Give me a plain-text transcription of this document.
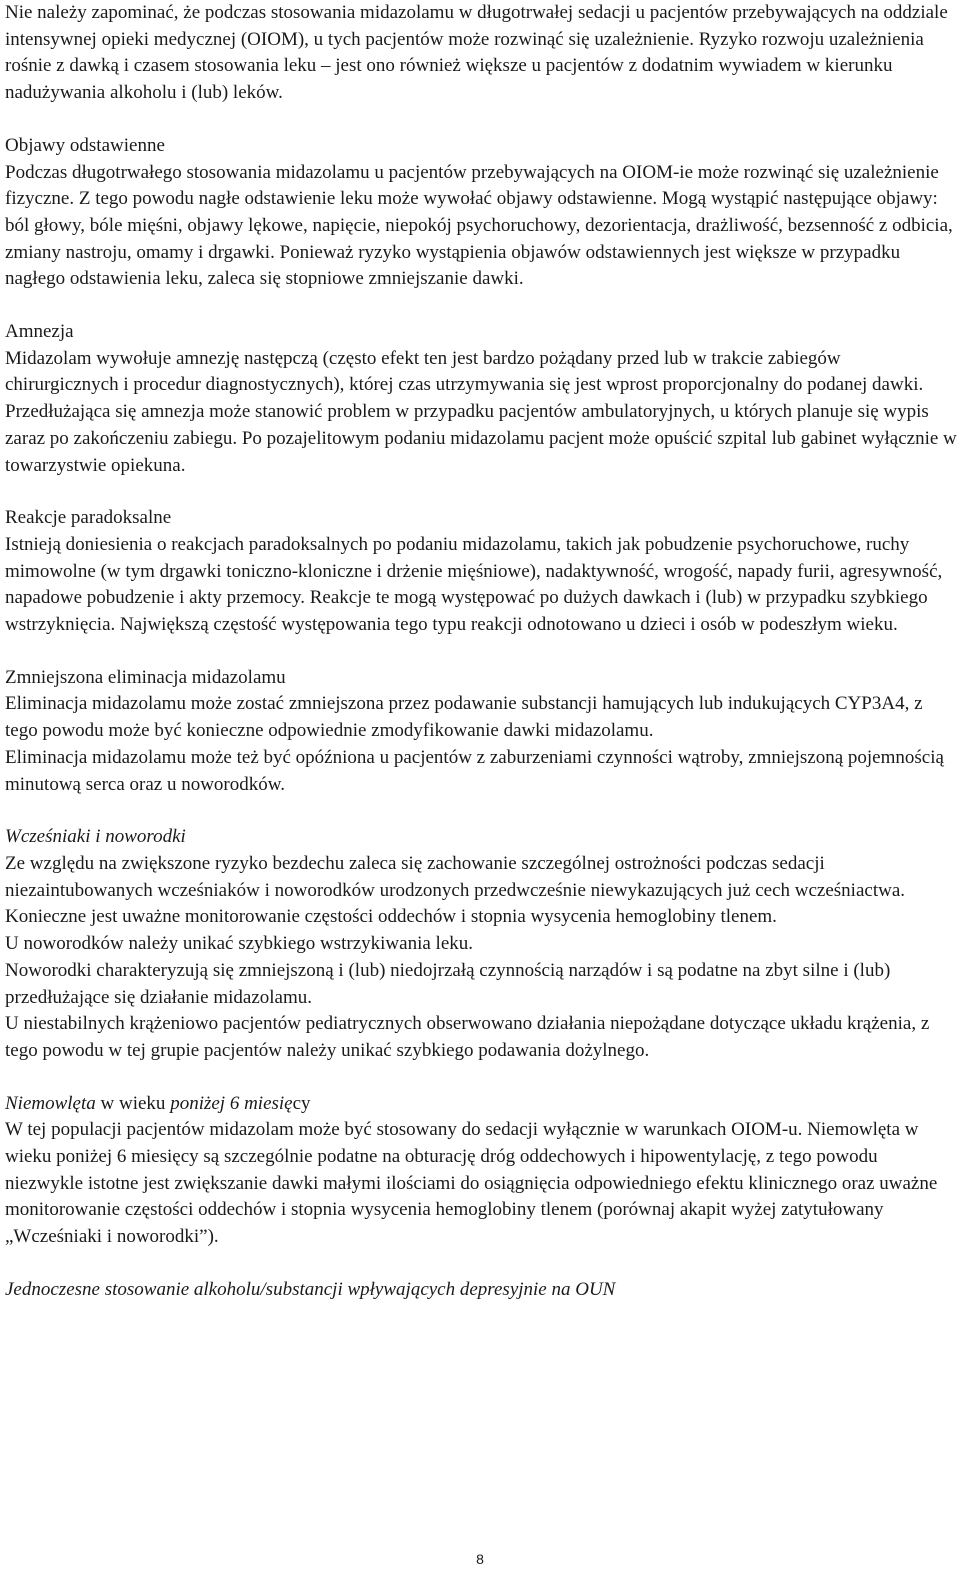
Nie należy zapominać, że podczas stosowania midazolamu w długotrwałej sedacji u pacjentów przebywających na oddziale intensywnej opieki medycznej (OIOM), u tych pacjentów może rozwinąć się uzależnienie. Ryzyko rozwoju uzależnienia rośnie z dawką i czasem stosowania leku – jest ono również większe u pacjentów z dodatnim wywiadem w kierunku nadużywania alkoholu i (lub) leków.

Objawy odstawienne

Podczas długotrwałego stosowania midazolamu u pacjentów przebywających na OIOM-ie może rozwinąć się uzależnienie fizyczne. Z tego powodu nagłe odstawienie leku może wywołać objawy odstawienne. Mogą wystąpić następujące objawy: ból głowy, bóle mięśni, objawy lękowe, napięcie, niepokój psychoruchowy, dezorientacja, drażliwość, bezsenność z odbicia, zmiany nastroju, omamy i drgawki. Ponieważ ryzyko wystąpienia objawów odstawiennych jest większe w przypadku nagłego odstawienia leku, zaleca się stopniowe zmniejszanie dawki.

Amnezja

Midazolam wywołuje amnezję następczą (często efekt ten jest bardzo pożądany przed lub w trakcie zabiegów chirurgicznych i procedur diagnostycznych), której czas utrzymywania się jest wprost proporcjonalny do podanej dawki. Przedłużająca się amnezja może stanowić problem w przypadku pacjentów ambulatoryjnych, u których planuje się wypis zaraz po zakończeniu zabiegu. Po pozajelitowym podaniu midazolamu pacjent może opuścić szpital lub gabinet wyłącznie w towarzystwie opiekuna.

Reakcje paradoksalne

Istnieją doniesienia o reakcjach paradoksalnych po podaniu midazolamu, takich jak pobudzenie psychoruchowe, ruchy mimowolne (w tym drgawki toniczno-kloniczne i drżenie mięśniowe), nadaktywność, wrogość, napady furii, agresywność, napadowe pobudzenie i akty przemocy. Reakcje te mogą występować po dużych dawkach i (lub) w przypadku szybkiego wstrzyknięcia. Największą częstość występowania tego typu reakcji odnotowano u dzieci i osób w podeszłym wieku.

Zmniejszona eliminacja midazolamu

Eliminacja midazolamu może zostać zmniejszona przez podawanie substancji hamujących lub indukujących CYP3A4, z tego powodu może być konieczne odpowiednie zmodyfikowanie dawki midazolamu.

Eliminacja midazolamu może też być opóźniona u pacjentów z zaburzeniami czynności wątroby, zmniejszoną pojemnością minutową serca oraz u noworodków.

Wcześniaki i noworodki

Ze względu na zwiększone ryzyko bezdechu zaleca się zachowanie szczególnej ostrożności podczas sedacji niezaintubowanych wcześniaków i noworodków urodzonych przedwcześnie niewykazujących już cech wcześniactwa. Konieczne jest uważne monitorowanie częstości oddechów i stopnia wysycenia hemoglobiny tlenem.

U noworodków należy unikać szybkiego wstrzykiwania leku.

Noworodki charakteryzują się zmniejszoną i (lub) niedojrzałą czynnością narządów i są podatne na zbyt silne i (lub) przedłużające się działanie midazolamu.

U niestabilnych krążeniowo pacjentów pediatrycznych obserwowano działania niepożądane dotyczące układu krążenia, z tego powodu w tej grupie pacjentów należy unikać szybkiego podawania dożylnego.

Niemowlęta w wieku poniżej 6 miesięcy

W tej populacji pacjentów midazolam może być stosowany do sedacji wyłącznie w warunkach OIOM-u. Niemowlęta w wieku poniżej 6 miesięcy są szczególnie podatne na obturację dróg oddechowych i hipowentylację, z tego powodu niezwykle istotne jest zwiększanie dawki małymi ilościami do osiągnięcia odpowiedniego efektu klinicznego oraz uważne monitorowanie częstości oddechów i stopnia wysycenia hemoglobiny tlenem (porównaj akapit wyżej zatytułowany „Wcześniaki i noworodki”).

Jednoczesne stosowanie alkoholu/substancji wpływających depresyjnie na OUN
8
